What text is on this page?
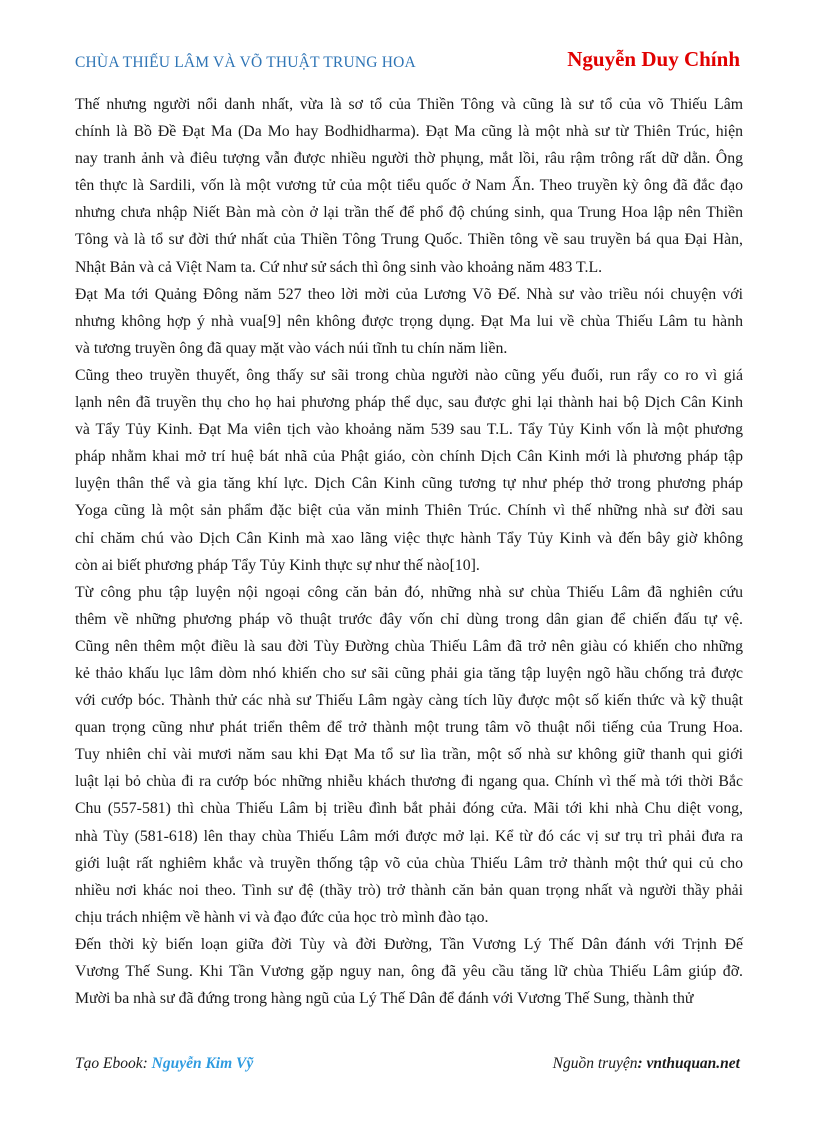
CHÙA THIẾU LÂM VÀ VÕ THUẬT TRUNG HOA	Nguyễn Duy Chính

Thế nhưng người nổi danh nhất, vừa là sơ tổ của Thiền Tông và cũng là sư tổ của võ Thiếu Lâm

chính là Bồ Đề Đạt Ma (Da Mo hay Bodhidharma). Đạt Ma cũng là một nhà sư từ Thiên Trúc, hiện

nay tranh ảnh và điêu tượng vẫn được nhiều người thờ phụng, mắt lồi, râu rậm trông rất dữ dằn. Ông

tên thực là Sardili, vốn là một vương tử của một tiểu quốc ở Nam Ấn. Theo truyền kỳ ông đã đắc đạo

nhưng chưa nhập Niết Bàn mà còn ở lại trần thế để phổ độ chúng sinh, qua Trung Hoa lập nên Thiền

Tông và là tổ sư đời thứ nhất của Thiền Tông Trung Quốc. Thiền tông về sau truyền bá qua Đại Hàn,

Nhật Bản và cả Việt Nam ta. Cứ như sử sách thì ông sinh vào khoảng năm 483 T.L.

Đạt Ma tới Quảng Đông năm 527 theo lời mời của Lương Võ Đế. Nhà sư vào triều nói chuyện với

nhưng không hợp ý nhà vua[9] nên không được trọng dụng. Đạt Ma lui về chùa Thiếu Lâm tu hành

và tương truyền ông đã quay mặt vào vách núi tĩnh tu chín năm liền.

Cũng theo truyền thuyết, ông thấy sư sãi trong chùa người nào cũng yếu đuối, run rẩy co ro vì giá

lạnh nên đã truyền thụ cho họ hai phương pháp thể dục, sau được ghi lại thành hai bộ Dịch Cân Kinh

và Tẩy Tủy Kinh. Đạt Ma viên tịch vào khoảng năm 539 sau T.L. Tẩy Tủy Kinh vốn là một phương

pháp nhằm khai mở trí huệ bát nhã của Phật giáo, còn chính Dịch Cân Kinh mới là phương pháp tập

luyện thân thể và gia tăng khí lực. Dịch Cân Kinh cũng tương tự như phép thở trong phương pháp

Yoga cũng là một sản phẩm đặc biệt của văn minh Thiên Trúc. Chính vì thế những nhà sư đời sau

chỉ chăm chú vào Dịch Cân Kinh mà xao lãng việc thực hành Tẩy Tủy Kinh và đến bây giờ không

còn ai biết phương pháp Tẩy Tủy Kinh thực sự như thế nào[10].

Từ công phu tập luyện nội ngoại công căn bản đó, những nhà sư chùa Thiếu Lâm đã nghiên cứu

thêm về những phương pháp võ thuật trước đây vốn chỉ dùng trong dân gian để chiến đấu tự vệ.

Cũng nên thêm một điều là sau đời Tùy Đường chùa Thiếu Lâm đã trở nên giàu có khiến cho những

kẻ thảo khấu lục lâm dòm nhó khiến cho sư sãi cũng phải gia tăng tập luyện ngõ hầu chống trả được

với cướp bóc. Thành thử các nhà sư Thiếu Lâm ngày càng tích lũy được một số kiến thức và kỹ thuật

quan trọng cũng như phát triển thêm để trở thành một trung tâm võ thuật nổi tiếng của Trung Hoa.

Tuy nhiên chỉ vài mươi năm sau khi Đạt Ma tổ sư lìa trần, một số nhà sư không giữ thanh qui giới

luật lại bỏ chùa đi ra cướp bóc những nhiễu khách thương đi ngang qua. Chính vì thế mà tới thời Bắc

Chu (557-581) thì chùa Thiếu Lâm bị triều đình bắt phải đóng cửa. Mãi tới khi nhà Chu diệt vong,

nhà Tùy (581-618) lên thay chùa Thiếu Lâm mới được mở lại. Kể từ đó các vị sư trụ trì phải đưa ra

giới luật rất nghiêm khắc và truyền thống tập võ của chùa Thiếu Lâm trở thành một thứ qui củ cho

nhiều nơi khác noi theo. Tình sư đệ (thầy trò) trở thành căn bản quan trọng nhất và người thầy phải

chịu trách nhiệm về hành vi và đạo đức của học trò mình đào tạo.

Đến thời kỳ biến loạn giữa đời Tùy và đời Đường, Tần Vương Lý Thế Dân đánh với Trịnh Đế

Vương Thế Sung. Khi Tần Vương gặp nguy nan, ông đã yêu cầu tăng lữ chùa Thiếu Lâm giúp đỡ.

Mười ba nhà sư đã đứng trong hàng ngũ của Lý Thế Dân để đánh với Vương Thế Sung, thành thử

Tạo Ebook: Nguyễn Kim Vỹ	Nguồn truyện: vnthuquan.net
